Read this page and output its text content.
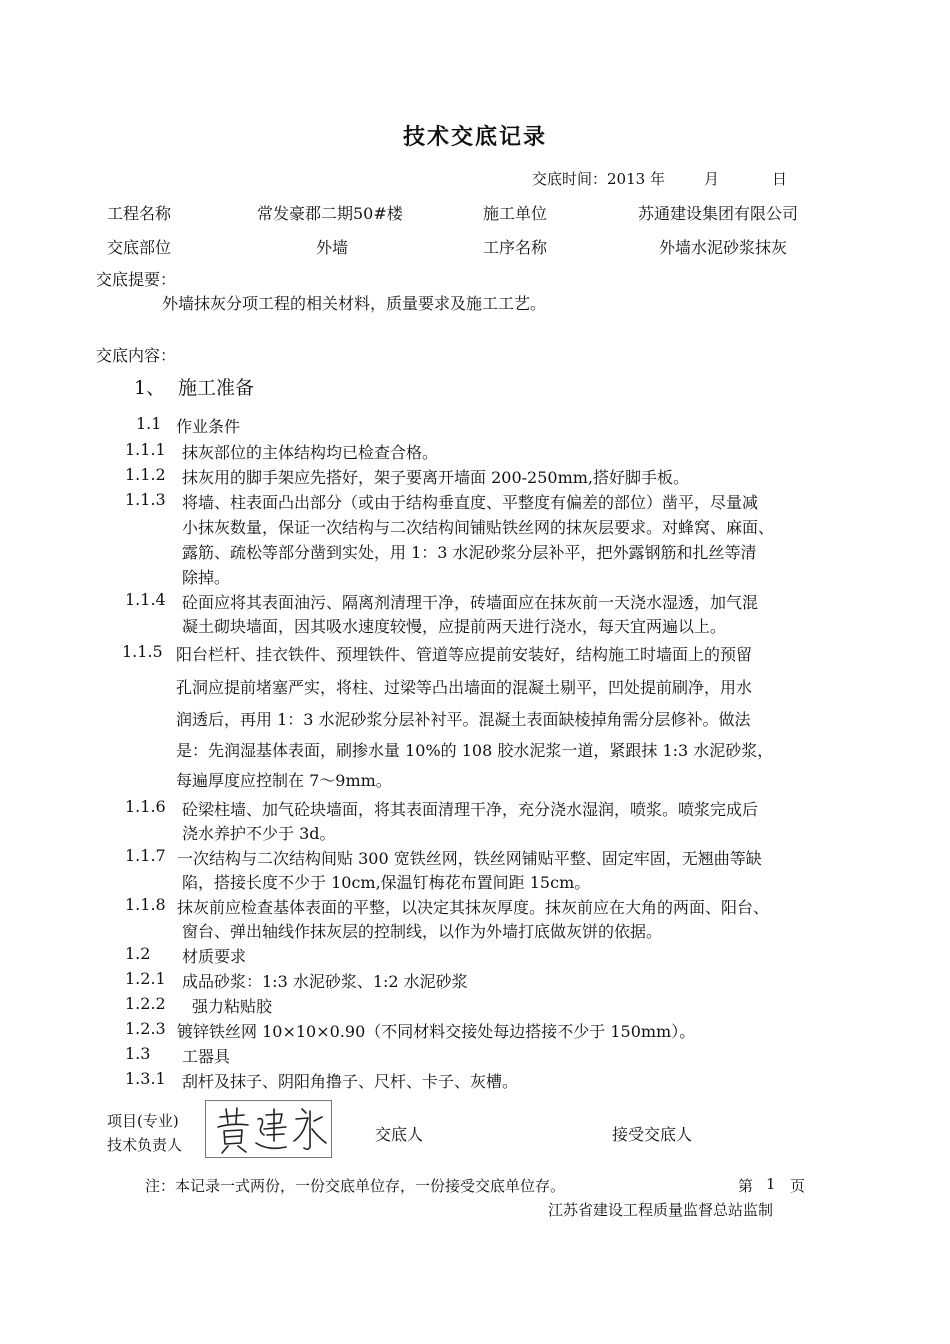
技术交底记录
交底时间：2013 年	月	日
工程名称	常发豪郡二期50#楼	施工单位	苏通建设集团有限公司
交底部位	外墙	工序名称	外墙水泥砂浆抹灰
交底提要：
外墙抹灰分项工程的相关材料，质量要求及施工工艺。
交底内容：
1、 施工准备
1.1 作业条件
1.1.1 抹灰部位的主体结构均已检查合格。
1.1.2 抹灰用的脚手架应先搭好，架子要离开墙面 200-250mm,搭好脚手板。
1.1.3 将墙、柱表面凸出部分（或由于结构垂直度、平整度有偏差的部位）凿平，尽量减
小抹灰数量，保证一次结构与二次结构间铺贴铁丝网的抹灰层要求。对蜂窝、麻面、
露筋、疏松等部分凿到实处，用 1：3 水泥砂浆分层补平，把外露钢筋和扎丝等清
除掉。
1.1.4 砼面应将其表面油污、隔离剂清理干净，砖墙面应在抹灰前一天浇水湿透，加气混
凝土砌块墙面，因其吸水速度较慢，应提前两天进行浇水，每天宜两遍以上。
1.1.5 阳台栏杆、挂衣铁件、预埋铁件、管道等应提前安装好，结构施工时墙面上的预留
孔洞应提前堵塞严实，将柱、过梁等凸出墙面的混凝土剔平，凹处提前刷净，用水
润透后，再用 1：3 水泥砂浆分层补衬平。混凝土表面缺棱掉角需分层修补。做法
是：先润湿基体表面，刷掺水量 10%的 108 胶水泥浆一道，紧跟抹 1:3 水泥砂浆，
每遍厚度应控制在 7～9mm。
1.1.6 砼梁柱墙、加气砼块墙面，将其表面清理干净，充分浇水湿润，喷浆。喷浆完成后
浇水养护不少于 3d。
1.1.7 一次结构与二次结构间贴 300 宽铁丝网，铁丝网铺贴平整、固定牢固，无翘曲等缺
陷，搭接长度不少于 10cm,保温钉梅花布置间距 15cm。
1.1.8 抹灰前应检查基体表面的平整，以决定其抹灰厚度。抹灰前应在大角的两面、阳台、
窗台、弹出轴线作抹灰层的控制线，以作为外墙打底做灰饼的依据。
1.2 材质要求
1.2.1 成品砂浆：1:3 水泥砂浆、1:2 水泥砂浆
1.2.2 强力粘贴胶
1.2.3 镀锌铁丝网 10×10×0.90（不同材料交接处每边搭接不少于 150mm）。
1.3 工器具
1.3.1 刮杆及抹子、阴阳角撸子、尺杆、卡子、灰槽。
项目(专业)
技术负责人
交底人	接受交底人
注：本记录一式两份，一份交底单位存，一份接受交底单位存。	第 1 页
江苏省建设工程质量监督总站监制
